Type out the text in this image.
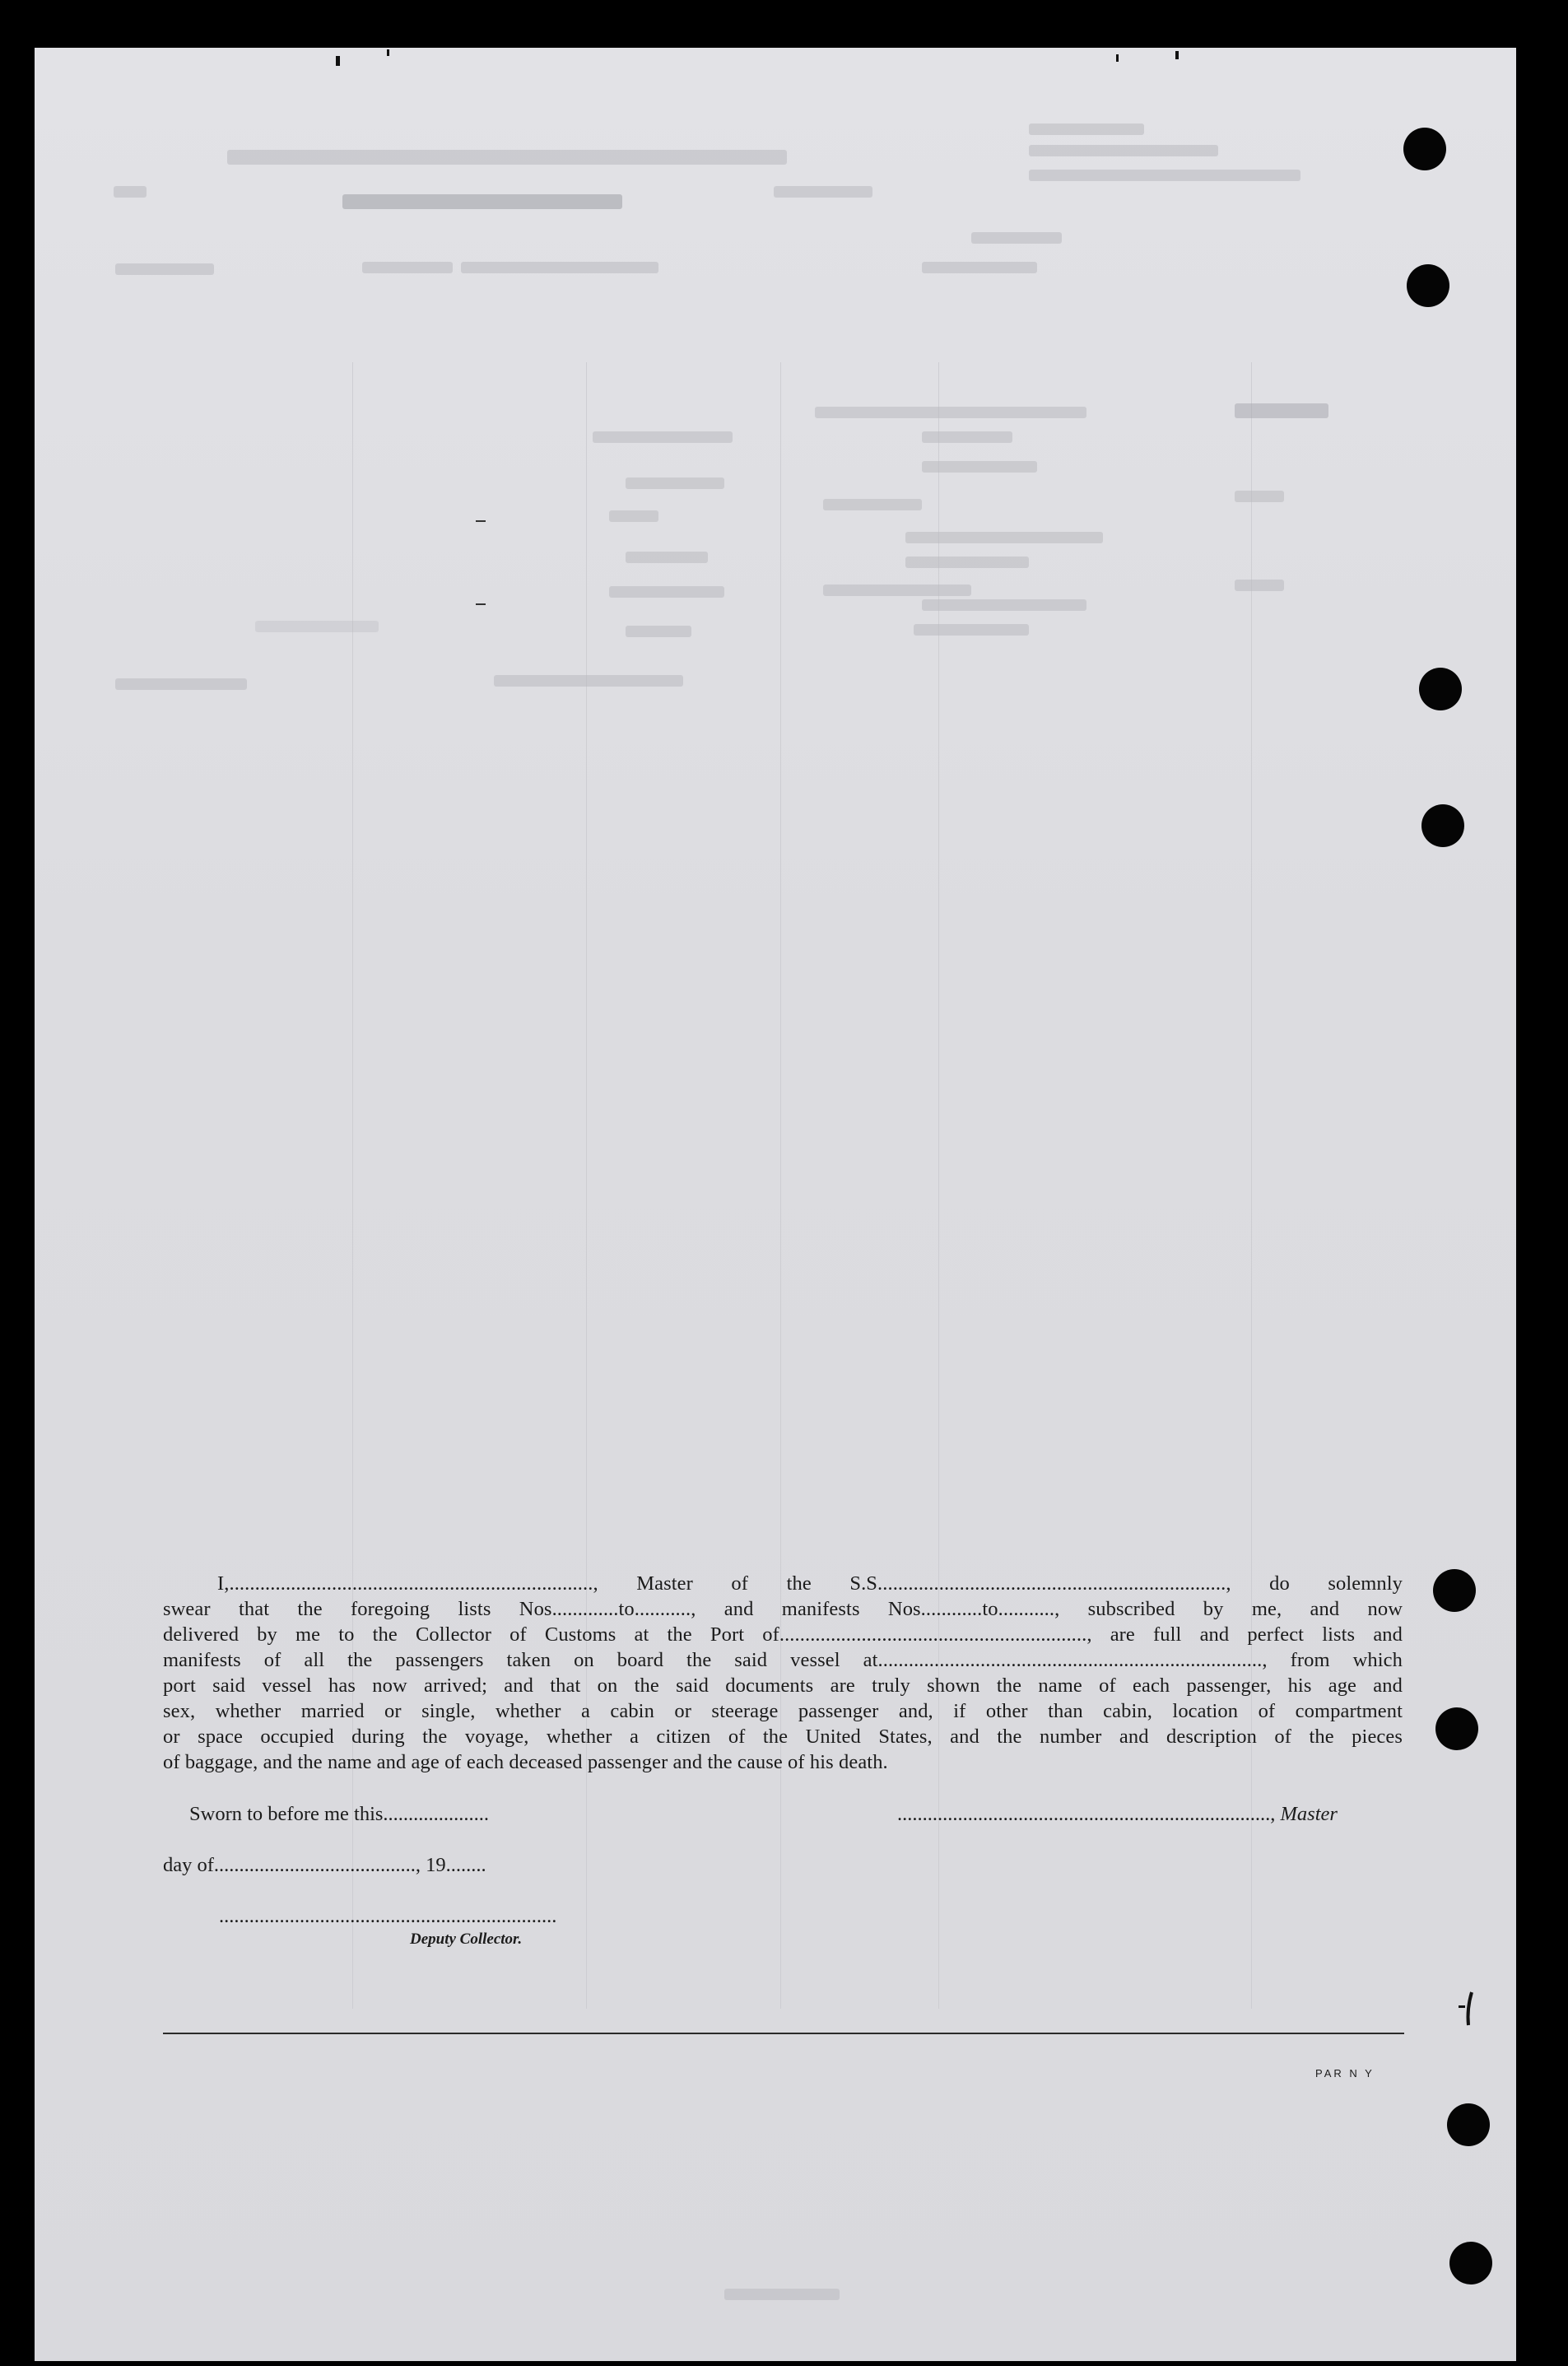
I,......................................................................., Master of the S.S...................................................................., do solemnly
swear that the foregoing lists Nos.............to..........., and manifests Nos............to..........., subscribed by me, and now
delivered by me to the Collector of Customs at the Port of............................................................, are full and perfect lists and
manifests of all the passengers taken on board the said vessel at..........................................................................., from which
port said vessel has now arrived; and that on the said documents are truly shown the name of each passenger, his age and
sex, whether married or single, whether a cabin or steerage passenger and, if other than cabin, location of compartment
or space occupied during the voyage, whether a citizen of the United States, and the number and description of the pieces
of baggage, and the name and age of each deceased passenger and the cause of his death.
Sworn to before me this.....................	.........................................................................., Master
day of........................................, 19........
...................................................................
Deputy Collector.
PAR N Y
